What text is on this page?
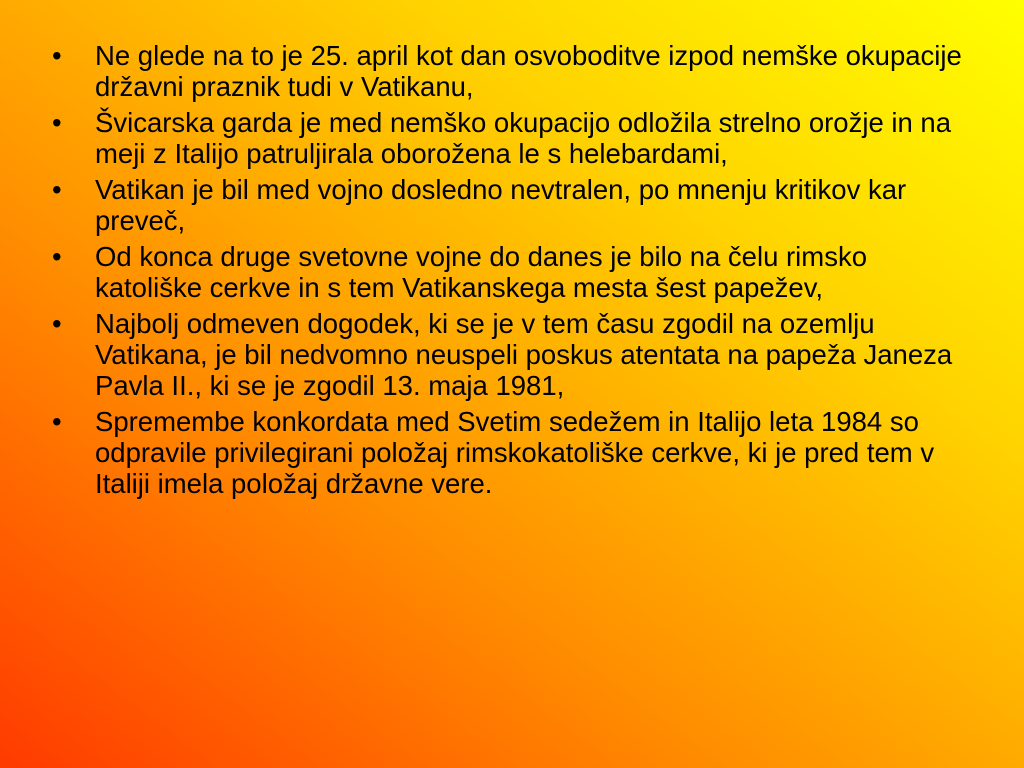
• Ne glede na to je 25. april kot dan osvoboditve izpod nemške okupacije državni praznik tudi v Vatikanu,
• Švicarska garda je med nemško okupacijo odložila strelno orožje in na meji z Italijo patruljirala oborožena le s helebardami,
• Vatikan je bil med vojno dosledno nevtralen, po mnenju kritikov kar preveč,
• Od konca druge svetovne vojne do danes je bilo na čelu rimsko katoliške cerkve in s tem Vatikanskega mesta šest papežev,
• Najbolj odmeven dogodek, ki se je v tem času zgodil na ozemlju Vatikana, je bil nedvomno neuspeli poskus atentata na papeža Janeza Pavla II., ki se je zgodil 13. maja 1981,
• Spremembe konkordata med Svetim sedežem in Italijo leta 1984 so odpravile privilegirani položaj rimskokatoliške cerkve, ki je pred tem v Italiji imela položaj državne vere.
